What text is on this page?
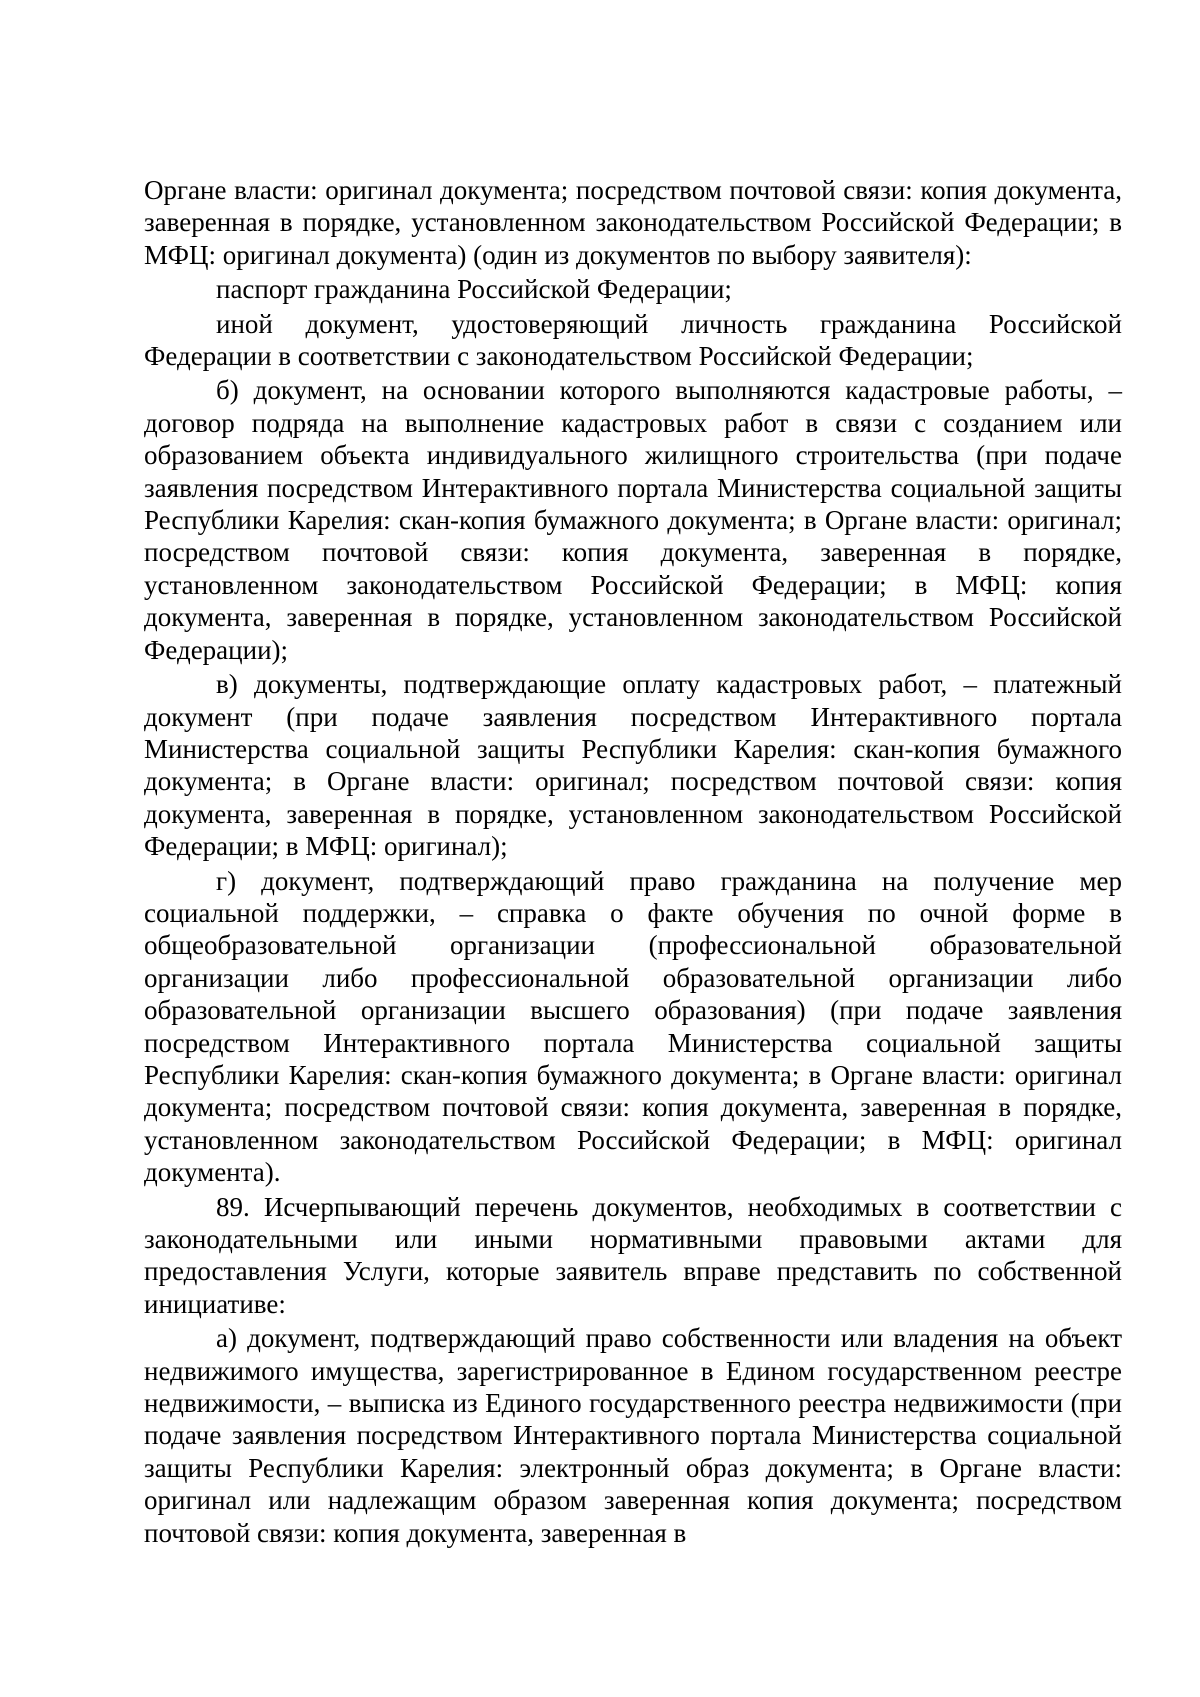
Органе власти: оригинал документа; посредством почтовой связи: копия документа, заверенная в порядке, установленном законодательством Российской Федерации; в МФЦ: оригинал документа) (один из документов по выбору заявителя):

паспорт гражданина Российской Федерации;

иной документ, удостоверяющий личность гражданина Российской Федерации в соответствии с законодательством Российской Федерации;

б) документ, на основании которого выполняются кадастровые работы, – договор подряда на выполнение кадастровых работ в связи с созданием или образованием объекта индивидуального жилищного строительства (при подаче заявления посредством Интерактивного портала Министерства социальной защиты Республики Карелия: скан-копия бумажного документа; в Органе власти: оригинал; посредством почтовой связи: копия документа, заверенная в порядке, установленном законодательством Российской Федерации; в МФЦ: копия документа, заверенная в порядке, установленном законодательством Российской Федерации);

в) документы, подтверждающие оплату кадастровых работ, – платежный документ (при подаче заявления посредством Интерактивного портала Министерства социальной защиты Республики Карелия: скан-копия бумажного документа; в Органе власти: оригинал; посредством почтовой связи: копия документа, заверенная в порядке, установленном законодательством Российской Федерации; в МФЦ: оригинал);

г) документ, подтверждающий право гражданина на получение мер социальной поддержки, – справка о факте обучения по очной форме в общеобразовательной организации (профессиональной образовательной организации либо профессиональной образовательной организации либо образовательной организации высшего образования) (при подаче заявления посредством Интерактивного портала Министерства социальной защиты Республики Карелия: скан-копия бумажного документа; в Органе власти: оригинал документа; посредством почтовой связи: копия документа, заверенная в порядке, установленном законодательством Российской Федерации; в МФЦ: оригинал документа).

89. Исчерпывающий перечень документов, необходимых в соответствии с законодательными или иными нормативными правовыми актами для предоставления Услуги, которые заявитель вправе представить по собственной инициативе:

а) документ, подтверждающий право собственности или владения на объект недвижимого имущества, зарегистрированное в Едином государственном реестре недвижимости, – выписка из Единого государственного реестра недвижимости (при подаче заявления посредством Интерактивного портала Министерства социальной защиты Республики Карелия: электронный образ документа; в Органе власти: оригинал или надлежащим образом заверенная копия документа; посредством почтовой связи: копия документа, заверенная в
